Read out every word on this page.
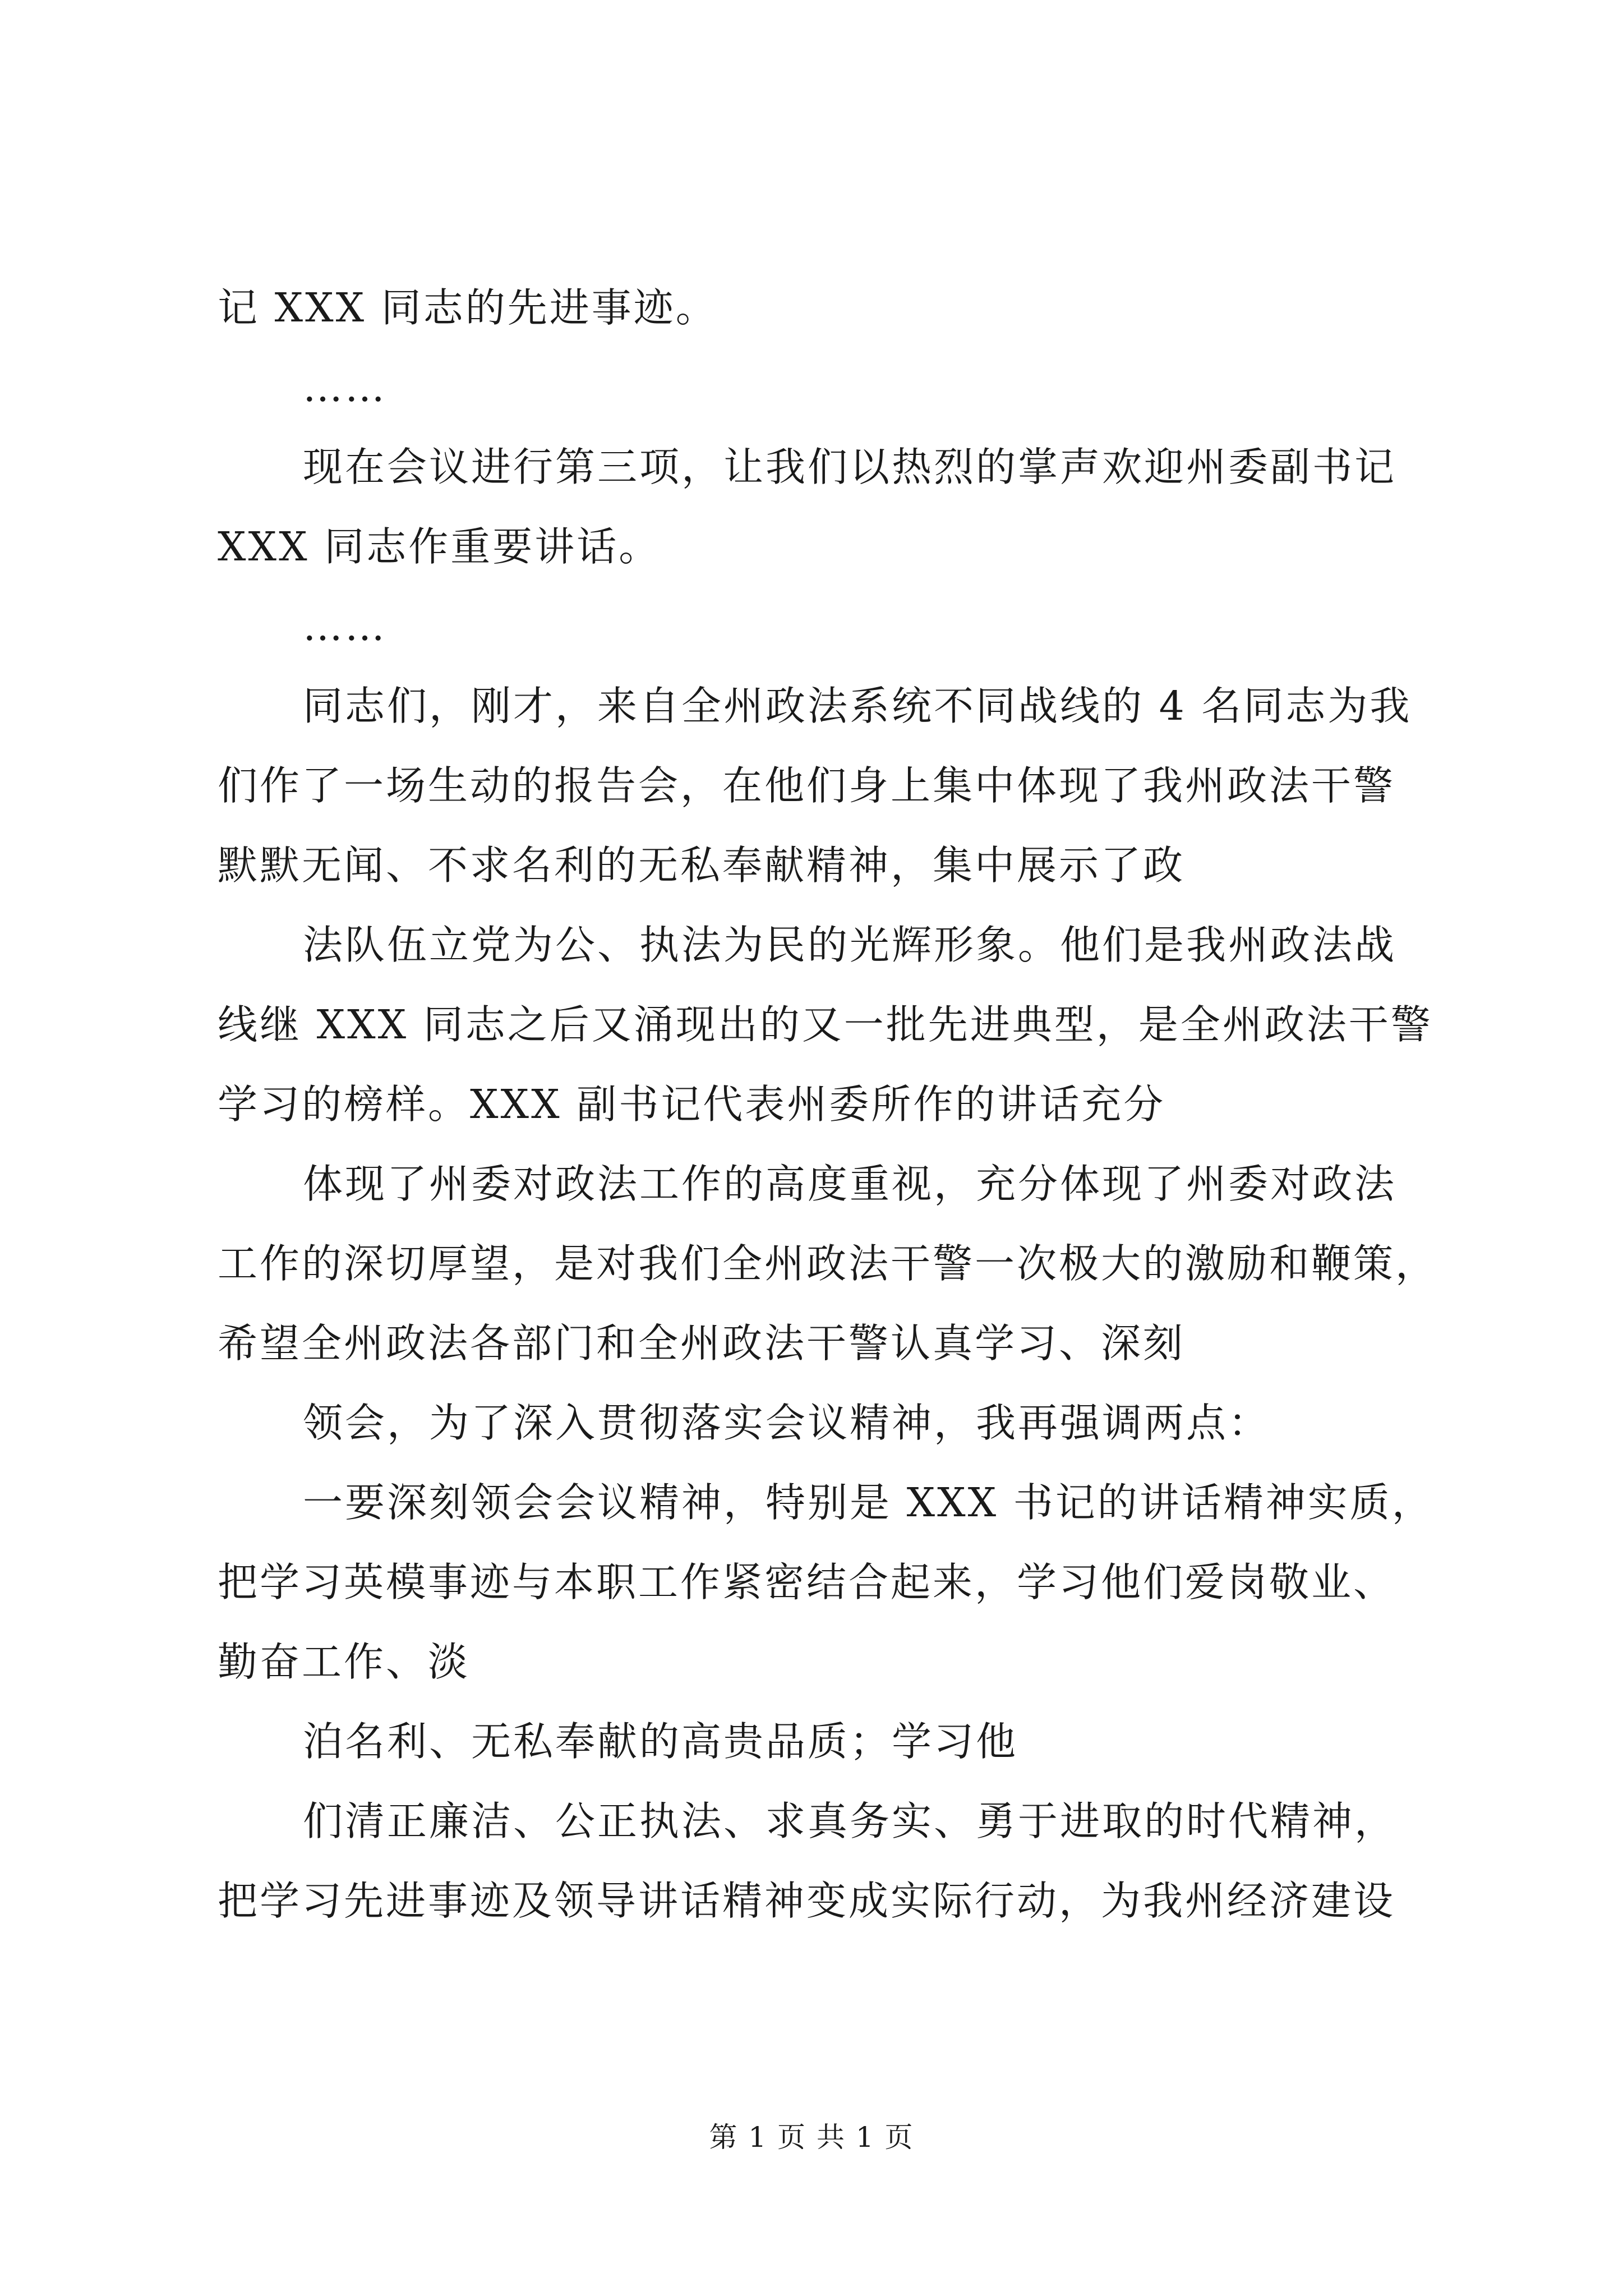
记 XXX 同志的先进事迹。
……
现在会议进行第三项，让我们以热烈的掌声欢迎州委副书记
XXX 同志作重要讲话。
……
同志们，刚才，来自全州政法系统不同战线的 4 名同志为我
们作了一场生动的报告会，在他们身上集中体现了我州政法干警
默默无闻、不求名利的无私奉献精神，集中展示了政
法队伍立党为公、执法为民的光辉形象。他们是我州政法战
线继 XXX 同志之后又涌现出的又一批先进典型，是全州政法干警
学习的榜样。XXX 副书记代表州委所作的讲话充分
体现了州委对政法工作的高度重视，充分体现了州委对政法
工作的深切厚望，是对我们全州政法干警一次极大的激励和鞭策，
希望全州政法各部门和全州政法干警认真学习、深刻
领会，为了深入贯彻落实会议精神，我再强调两点：
一要深刻领会会议精神，特别是 XXX 书记的讲话精神实质，
把学习英模事迹与本职工作紧密结合起来，学习他们爱岗敬业、
勤奋工作、淡
泊名利、无私奉献的高贵品质；学习他
们清正廉洁、公正执法、求真务实、勇于进取的时代精神，
把学习先进事迹及领导讲话精神变成实际行动，为我州经济建设
第 1 页 共 1 页
